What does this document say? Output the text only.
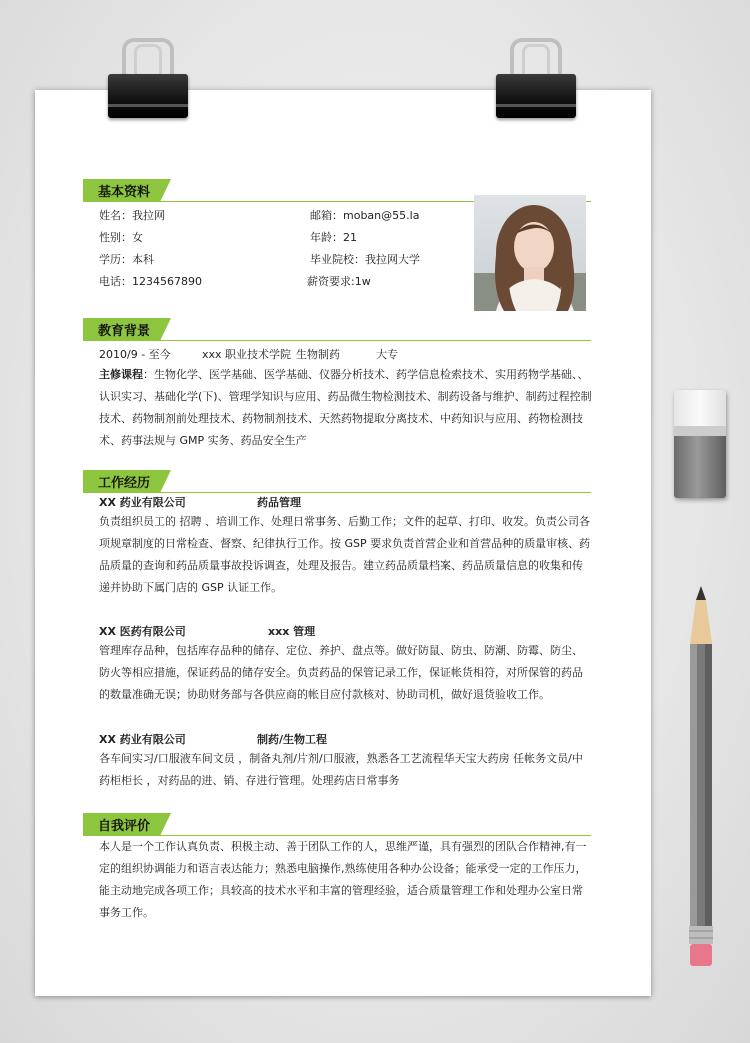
基本资料
姓名：我拉网	邮箱：moban@55.la
性别：女	年龄：21
学历：本科	毕业院校：我拉网大学
电话：1234567890	薪资要求:1w
教育背景
2010/9 - 至今	xxx 职业技术学院 生物制药	大专
主修课程：生物化学、医学基础、医学基础、仪器分析技术、药学信息检索技术、实用药物学基础、、认识实习、基础化学(下)、管理学知识与应用、药品微生物检测技术、制药设备与维护、制药过程控制技术、药物制剂前处理技术、药物制剂技术、天然药物提取分离技术、中药知识与应用、药物检测技术、药事法规与 GMP 实务、药品安全生产
工作经历
XX 药业有限公司	药品管理
负责组织员工的 招聘 、培训工作、处理日常事务、后勤工作；文件的起草、打印、收发。负责公司各项规章制度的日常检查、督察、纪律执行工作。按 GSP 要求负责首营企业和首营品种的质量审核、药品质量的查询和药品质量事故投诉调查，处理及报告。建立药品质量档案、药品质量信息的收集和传递并协助下属门店的 GSP 认证工作。
XX 医药有限公司	xxx 管理
管理库存品种，包括库存品种的储存、定位、养护、盘点等。做好防鼠、防虫、防潮、防霉、防尘、防火等相应措施，保证药品的储存安全。负责药品的保管记录工作，保证帐货相符，对所保管的药品的数量准确无误；协助财务部与各供应商的帐目应付款核对、协助司机，做好退货验收工作。
XX 药业有限公司	制药/生物工程
各车间实习/口服液车间文员 ，制备丸剂/片剂/口服液，熟悉各工艺流程华天宝大药房 任帐务文员/中药柜柜长 ，对药品的进、销、存进行管理。处理药店日常事务
自我评价
本人是一个工作认真负责、积极主动、善于团队工作的人，思维严谨，具有强烈的团队合作精神,有一定的组织协调能力和语言表达能力；熟悉电脑操作,熟练使用各种办公设备；能承受一定的工作压力，能主动地完成各项工作；具较高的技术水平和丰富的管理经验，适合质量管理工作和处理办公室日常事务工作。
